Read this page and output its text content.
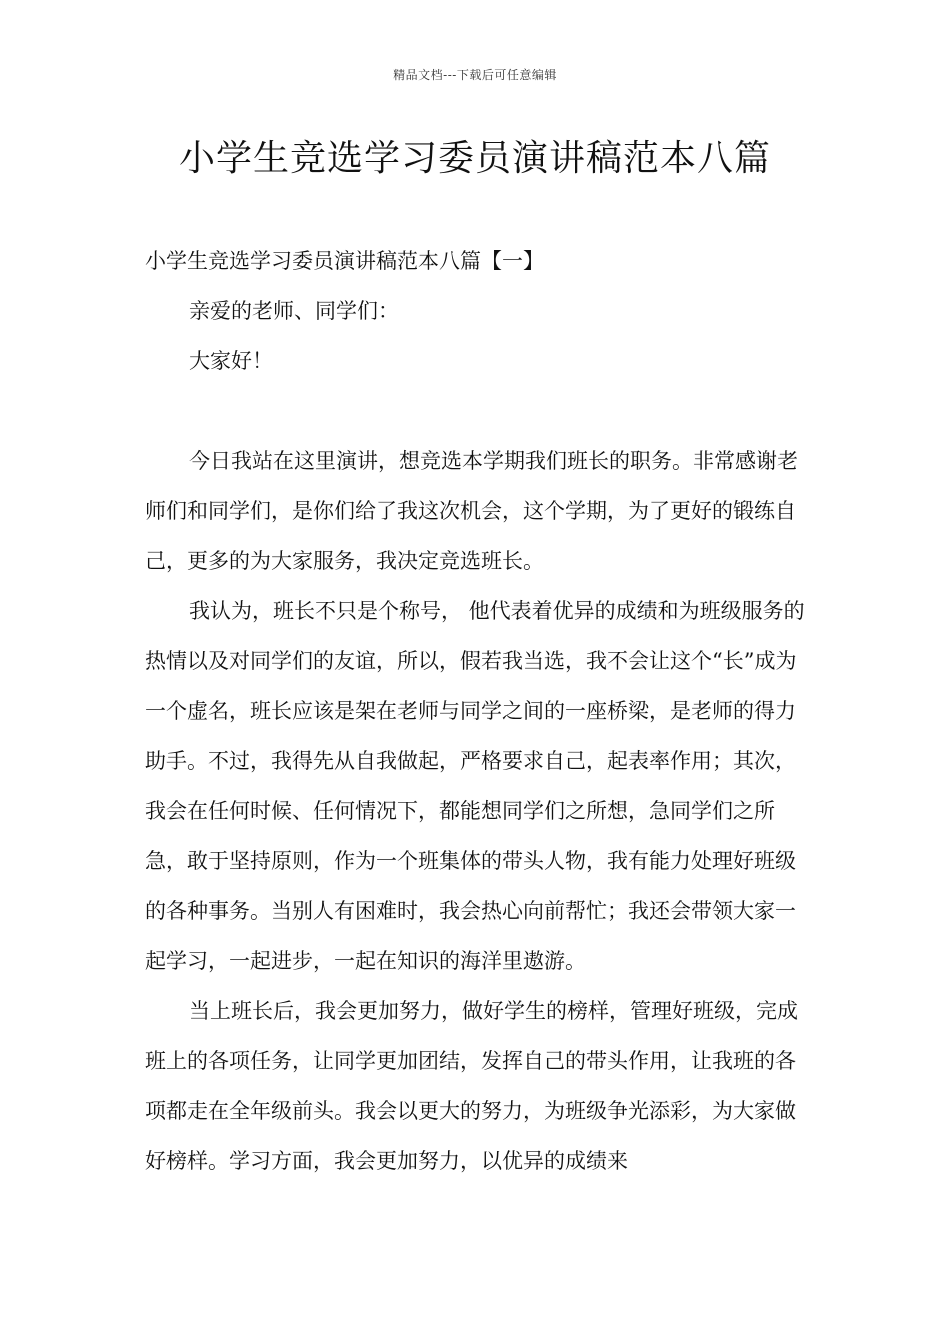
精品文档---下载后可任意编辑
小学生竞选学习委员演讲稿范本八篇

小学生竞选学习委员演讲稿范本八篇【一】

亲爱的老师、同学们：

大家好！

今日我站在这里演讲，想竞选本学期我们班长的职务。非常感谢老师们和同学们，是你们给了我这次机会，这个学期，为了更好的锻练自己，更多的为大家服务，我决定竞选班长。

我认为，班长不只是个称号， 他代表着优异的成绩和为班级服务的热情以及对同学们的友谊，所以，假若我当选，我不会让这个“长”成为一个虚名，班长应该是架在老师与同学之间的一座桥梁，是老师的得力助手。不过，我得先从自我做起，严格要求自己，起表率作用；其次，我会在任何时候、任何情况下，都能想同学们之所想，急同学们之所急，敢于坚持原则，作为一个班集体的带头人物，我有能力处理好班级的各种事务。当别人有困难时，我会热心向前帮忙；我还会带领大家一起学习，一起进步，一起在知识的海洋里遨游。

当上班长后，我会更加努力，做好学生的榜样，管理好班级，完成班上的各项任务，让同学更加团结，发挥自己的带头作用，让我班的各项都走在全年级前头。我会以更大的努力，为班级争光添彩，为大家做好榜样。学习方面，我会更加努力，以优异的成绩来
